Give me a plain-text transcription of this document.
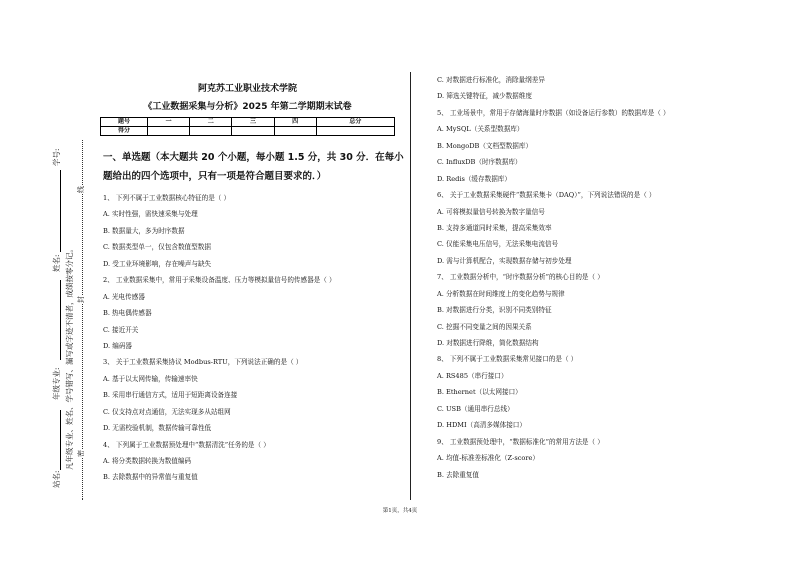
阿克苏工业职业技术学院
《工业数据采集与分析》2025 年第二学期期末试卷
题号	一	二	三	四	总分
得分					
一、单选题（本大题共 20 个小题，每小题 1.5 分，共 30 分．在每小
题给出的四个选项中，只有一项是符合题目要求的．）
1、 下列不属于工业数据核心特征的是（ ）
A. 实时性强，需快速采集与处理
B. 数据量大，多为时序数据
C. 数据类型单一，仅包含数值型数据
D. 受工业环境影响，存在噪声与缺失
2、 工业数据采集中，常用于采集设备温度、压力等模拟量信号的传感器是（ ）
A. 光电传感器
B. 热电偶传感器
C. 接近开关
D. 编码器
3、 关于工业数据采集协议 Modbus-RTU，下列说法正确的是（ ）
A. 基于以太网传输，传输速率快
B. 采用串行通信方式，适用于短距离设备连接
C. 仅支持点对点通信，无法实现多从站组网
D. 无需校验机制，数据传输可靠性低
4、 下列属于工业数据预处理中“数据清洗”任务的是（ ）
A. 将分类数据转换为数值编码
B. 去除数据中的异常值与重复值
C. 对数据进行标准化，消除量纲差异
D. 筛选关键特征，减少数据维度
5、 工业场景中，常用于存储海量时序数据（如设备运行参数）的数据库是（ ）
A. MySQL（关系型数据库）
B. MongoDB（文档型数据库）
C. InfluxDB（时序数据库）
D. Redis（缓存数据库）
6、 关于工业数据采集硬件“数据采集卡（DAQ）”，下列说法错误的是（ ）
A. 可将模拟量信号转换为数字量信号
B. 支持多通道同时采集，提高采集效率
C. 仅能采集电压信号，无法采集电流信号
D. 需与计算机配合，实现数据存储与初步处理
7、 工业数据分析中，“时序数据分析”的核心目的是（ ）
A. 分析数据在时间维度上的变化趋势与规律
B. 对数据进行分类，识别不同类别特征
C. 挖掘不同变量之间的因果关系
D. 对数据进行降维，简化数据结构
8、 下列不属于工业数据采集常见接口的是（ ）
A. RS485（串行接口）
B. Ethernet（以太网接口）
C. USB（通用串行总线）
D. HDMI（高清多媒体接口）
9、 工业数据预处理中，“数据标准化”的常用方法是（ ）
A. 均值-标准差标准化（Z-score）
B. 去除重复值
站名:
年级专业:
姓名:
学号:
凡年级专业、姓名、学号错写、漏写或字迹不清者，成绩按零分记。 密
封
线
第1页，共4页
